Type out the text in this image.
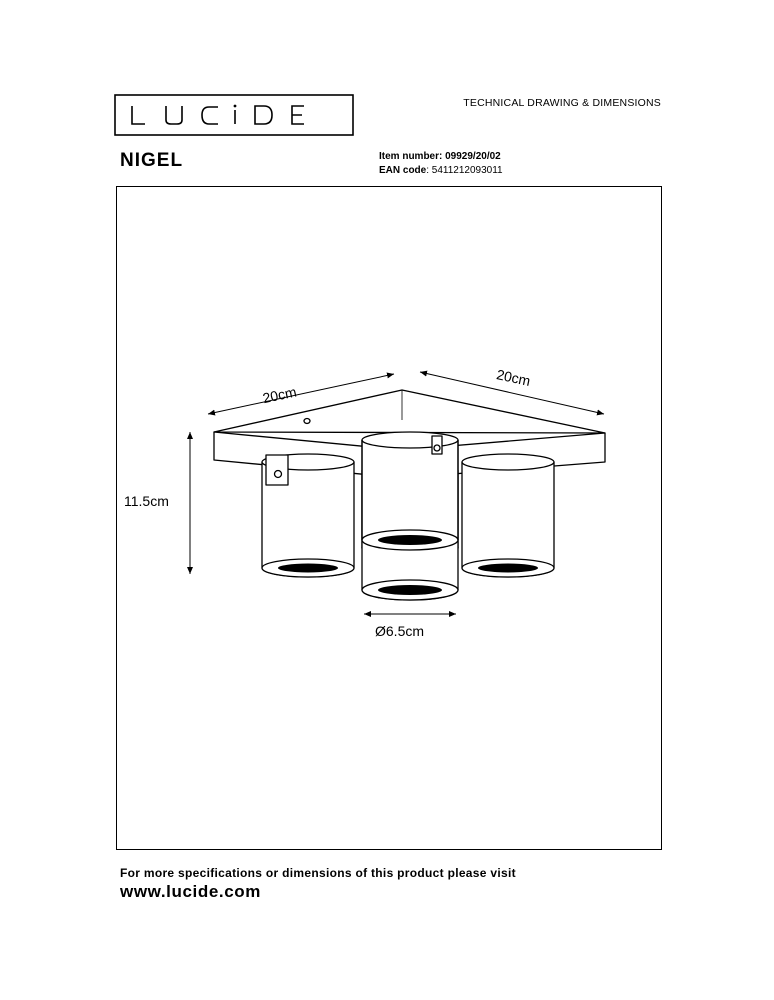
TECHNICAL DRAWING & DIMENSIONS
NIGEL	Item number: 09929/20/02
EAN code: 5411212093011
20cm
20cm
11.5cm
Ø6.5cm
For more specifications or dimensions of this product please visit
www.lucide.com
